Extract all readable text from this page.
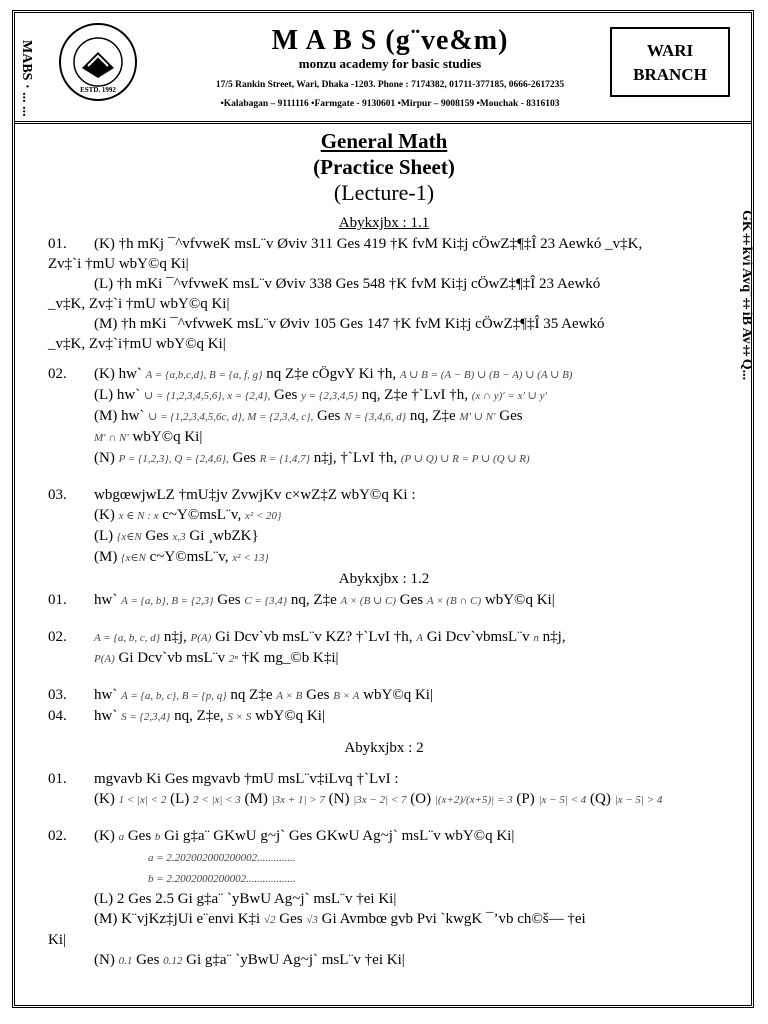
ESTD. 1992
M A B S (g¨ve&m)
monzu academy for basic studies
17/5 Rankin Street, Wari, Dhaka -1203. Phone : 7174382, 01711-377185, 0666-2617235
•Kalabagan – 9111116 •Farmgate - 9130601 •Mirpur – 9008159 •Mouchak - 8316103
WARI
BRANCH
MABS · ... ...
GK‡kvi Avq¨‡iB Av‡Q...
General Math
(Practice Sheet)
(Lecture-1)
Abykxjbx : 1.1
01. (K) †h mKj ¯^vfvweK msL¨v Øviv 311 Ges 419 †K fvM Ki‡j cÖwZ‡¶‡Î 23 Aewkó _v‡K,
Zv‡`i †mU wbY©q Ki|
(L) †h mKi ¯^vfvweK msL¨v Øviv 338 Ges 548 †K fvM Ki‡j cÖwZ‡¶‡Î 23 Aewkó
_v‡K, Zv‡`i †mU wbY©q Ki|
(M) †h mKi ¯^vfvweK msL¨v Øviv 105 Ges 147 †K fvM Ki‡j cÖwZ‡¶‡Î 35 Aewkó
_v‡K, Zv‡`i†mU wbY©q Ki|
02. (K) hw` A = {a,b,c,d}, B = {a, f, g} nq Z‡e cÖgvY Ki †h, A ∪ B = (A − B) ∪ (B − A) ∪ (A ∪ B)
(L) hw` ∪ = {1,2,3,4,5,6}, x = {2,4}, Ges y = {2,3,4,5} nq, Z‡e †`LvI †h, (x ∩ y)′ = x′ ∪ y′
(M) hw` ∪ = {1,2,3,4,5,6c, d}, M = {2,3,4, c}, Ges N = {3,4,6, d} nq, Z‡e M′ ∪ N′ Ges
M′ ∩ N′ wbY©q Ki|
(N) P = {1,2,3}, Q = {2,4,6}, Ges R = {1,4,7} n‡j, †`LvI †h, (P ∪ Q) ∪ R = P ∪ (Q ∪ R)
03. wbgœwjwLZ †mU‡jv ZvwjKv c×wZ‡Z wbY©q Ki :
(K) x ∈ N : x c~Y©msL¨v, x² < 20}
(L) {x∈N Ges x,3 Gi ¸wbZK}
(M) {x∈N c~Y©msL¨v, x² < 13}
Abykxjbx : 1.2
01. hw` A = {a, b}, B = {2,3} Ges C = {3,4} nq, Z‡e A × (B ∪ C) Ges A × (B ∩ C) wbY©q Ki|
02. A = {a, b, c, d} n‡j, P(A) Gi Dcv`vb msL¨v KZ? †`LvI †h, A Gi Dcv`vbmsL¨v n n‡j,
P(A) Gi Dcv`vb msL¨v 2ⁿ †K mg_©b K‡i|
03. hw` A = {a, b, c}, B = {p, q} nq Z‡e A × B Ges B × A wbY©q Ki|
04. hw` S = {2,3,4} nq, Z‡e, S × S wbY©q Ki|
Abykxjbx : 2
01. mgvavb Ki Ges mgvavb †mU msL¨v‡iLvq †`LvI :
(K) 1 < |x| < 2 (L) 2 < |x| < 3 (M) |3x + 1| > 7 (N) |3x − 2| < 7 (O) |(x+2)/(x+5)| = 3 (P) |x − 5| < 4 (Q) |x − 5| > 4
02. (K) a Ges b Gi g‡a¨ GKwU g~j` Ges GKwU Ag~j` msL¨v wbY©q Ki|
a = 2.202002000200002..............
b = 2.2002000200002..................
(L) 2 Ges 2.5 Gi g‡a¨ `yBwU Ag~j` msL¨v †ei Ki|
(M) K¨vjKz‡jUi e¨envi K‡i √2 Ges √3 Gi Avmbœ gvb Pvi `kwgK ¯’vb ch©š— †ei
Ki|
(N) 0.1 Ges 0.12 Gi g‡a¨ `yBwU Ag~j` msL¨v †ei Ki|
